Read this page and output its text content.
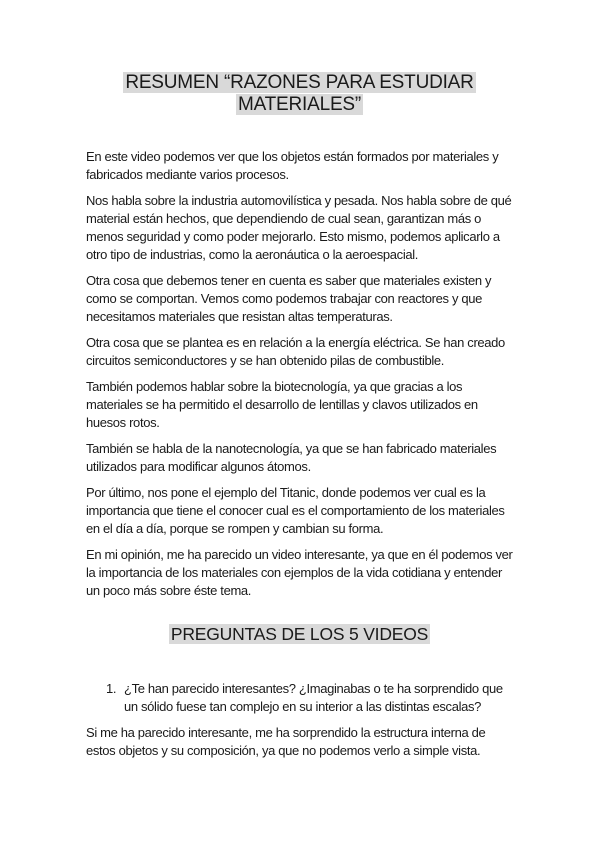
RESUMEN “RAZONES PARA ESTUDIAR
MATERIALES”

En este video podemos ver que los objetos están formados por materiales y fabricados mediante varios procesos.

Nos habla sobre la industria automovilística y pesada. Nos habla sobre de qué material están hechos, que dependiendo de cual sean, garantizan más o menos seguridad y como poder mejorarlo. Esto mismo, podemos aplicarlo a otro tipo de industrias, como la aeronáutica o la aeroespacial.

Otra cosa que debemos tener en cuenta es saber que materiales existen y como se comportan. Vemos como podemos trabajar con reactores y que necesitamos materiales que resistan altas temperaturas.

Otra cosa que se plantea es en relación a la energía eléctrica. Se han creado circuitos semiconductores y se han obtenido pilas de combustible.

También podemos hablar sobre la biotecnología, ya que gracias a los materiales se ha permitido el desarrollo de lentillas y clavos utilizados en huesos rotos.

También se habla de la nanotecnología, ya que se han fabricado materiales utilizados para modificar algunos átomos.

Por último, nos pone el ejemplo del Titanic, donde podemos ver cual es la importancia que tiene el conocer cual es el comportamiento de los materiales en el día a día, porque se rompen y cambian su forma.

En mi opinión, me ha parecido un video interesante, ya que en él podemos ver la importancia de los materiales con ejemplos de la vida cotidiana y entender un poco más sobre éste tema.

PREGUNTAS DE LOS 5 VIDEOS
1. ¿Te han parecido interesantes? ¿Imaginabas o te ha sorprendido que un sólido fuese tan complejo en su interior a las distintas escalas?

Si me ha parecido interesante, me ha sorprendido la estructura interna de estos objetos y su composición, ya que no podemos verlo a simple vista.
